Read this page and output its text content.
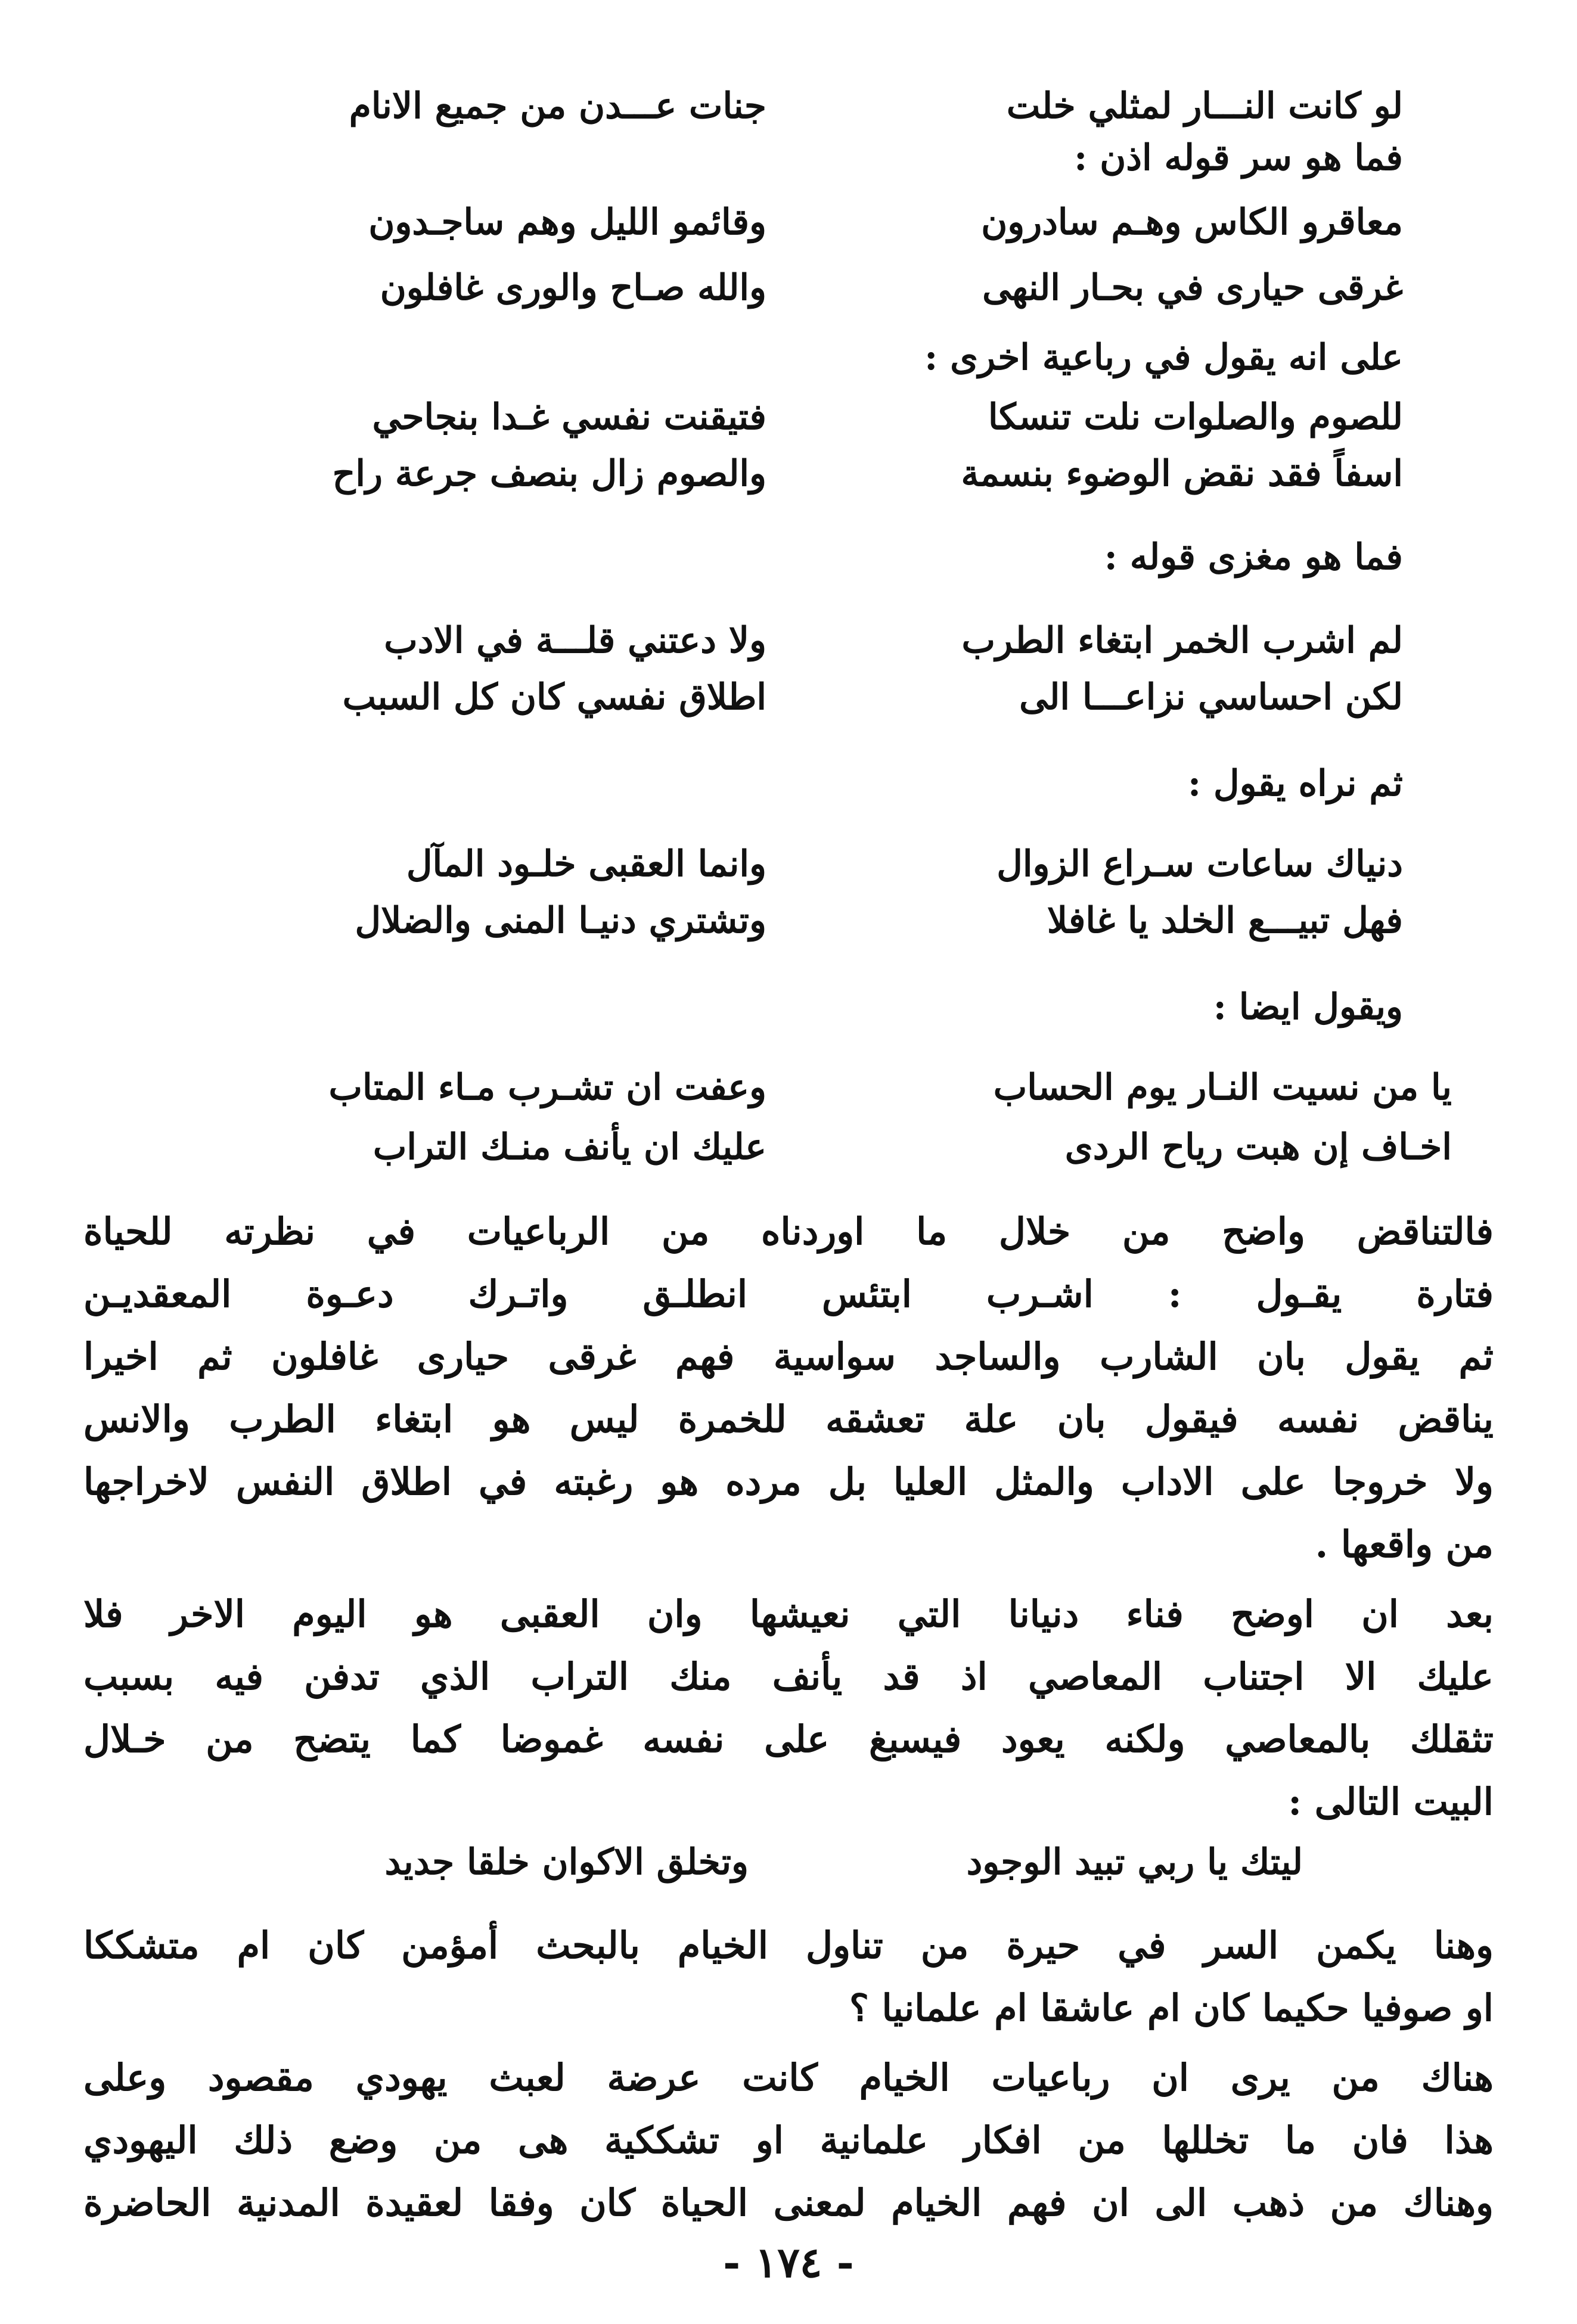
لو كانت النـــار لمثلي خلت
جنات عـــدن من جميع الانام
فما هو سر قوله اذن :
معاقرو الكاس وهـم سادرون
وقائمو الليل وهم ساجـدون
غرقى حيارى في بحـار النهى
والله صـاح والورى غافلون
على انه يقول في رباعية اخرى :
للصوم والصلوات نلت تنسكا
فتيقنت نفسي غـدا بنجاحي
اسفاً فقد نقض الوضوء بنسمة
والصوم زال بنصف جرعة راح
فما هو مغزى قوله :
لم اشرب الخمر ابتغاء الطرب
ولا دعتني قلـــة في الادب
لكن احساسي نزاعـــا الى
اطلاق نفسي كان كل السبب
ثم نراه يقول :
دنياك ساعات سـراع الزوال
وانما العقبى خلـود المآل
فهل تبيـــع الخلد يا غافلا
وتشتري دنيـا المنى والضلال
ويقول ايضا :
يا من نسيت النـار يوم الحساب
وعفت ان تشـرب مـاء المتاب
اخـاف إن هبت رياح الردى
عليك ان يأنف منـك التراب
فالتناقض واضح من خلال ما اوردناه من الرباعيات في نظرته للحياة
فتارة يقـول : اشـرب ابتئس انطلـق واتـرك دعـوة المعقديـن
ثم يقول بان الشارب والساجد سواسية فهم غرقى حيارى غافلون ثم اخيرا
يناقض نفسه فيقول بان علة تعشقه للخمرة ليس هو ابتغاء الطرب والانس
ولا خروجا على الاداب والمثل العليا بل مرده هو رغبته في اطلاق النفس لاخراجها
من واقعها .
بعد ان اوضح فناء دنيانا التي نعيشها وان العقبى هو اليوم الاخر فلا
عليك الا اجتناب المعاصي اذ قد يأنف منك التراب الذي تدفن فيه بسبب
تثقلك بالمعاصي ولكنه يعود فيسبغ على نفسه غموضا كما يتضح من خـلال
البيت التالى :
ليتك يا ربي تبيد الوجود
وتخلق الاكوان خلقا جديد
وهنا يكمن السر في حيرة من تناول الخيام بالبحث أمؤمن كان ام متشككا
او صوفيا حكيما كان ام عاشقا ام علمانيا ؟
هناك من يرى ان رباعيات الخيام كانت عرضة لعبث يهودي مقصود وعلى
هذا فان ما تخللها من افكار علمانية او تشككية هى من وضع ذلك اليهودي
وهناك من ذهب الى ان فهم الخيام لمعنى الحياة كان وفقا لعقيدة المدنية الحاضرة
- ١٧٤ -
